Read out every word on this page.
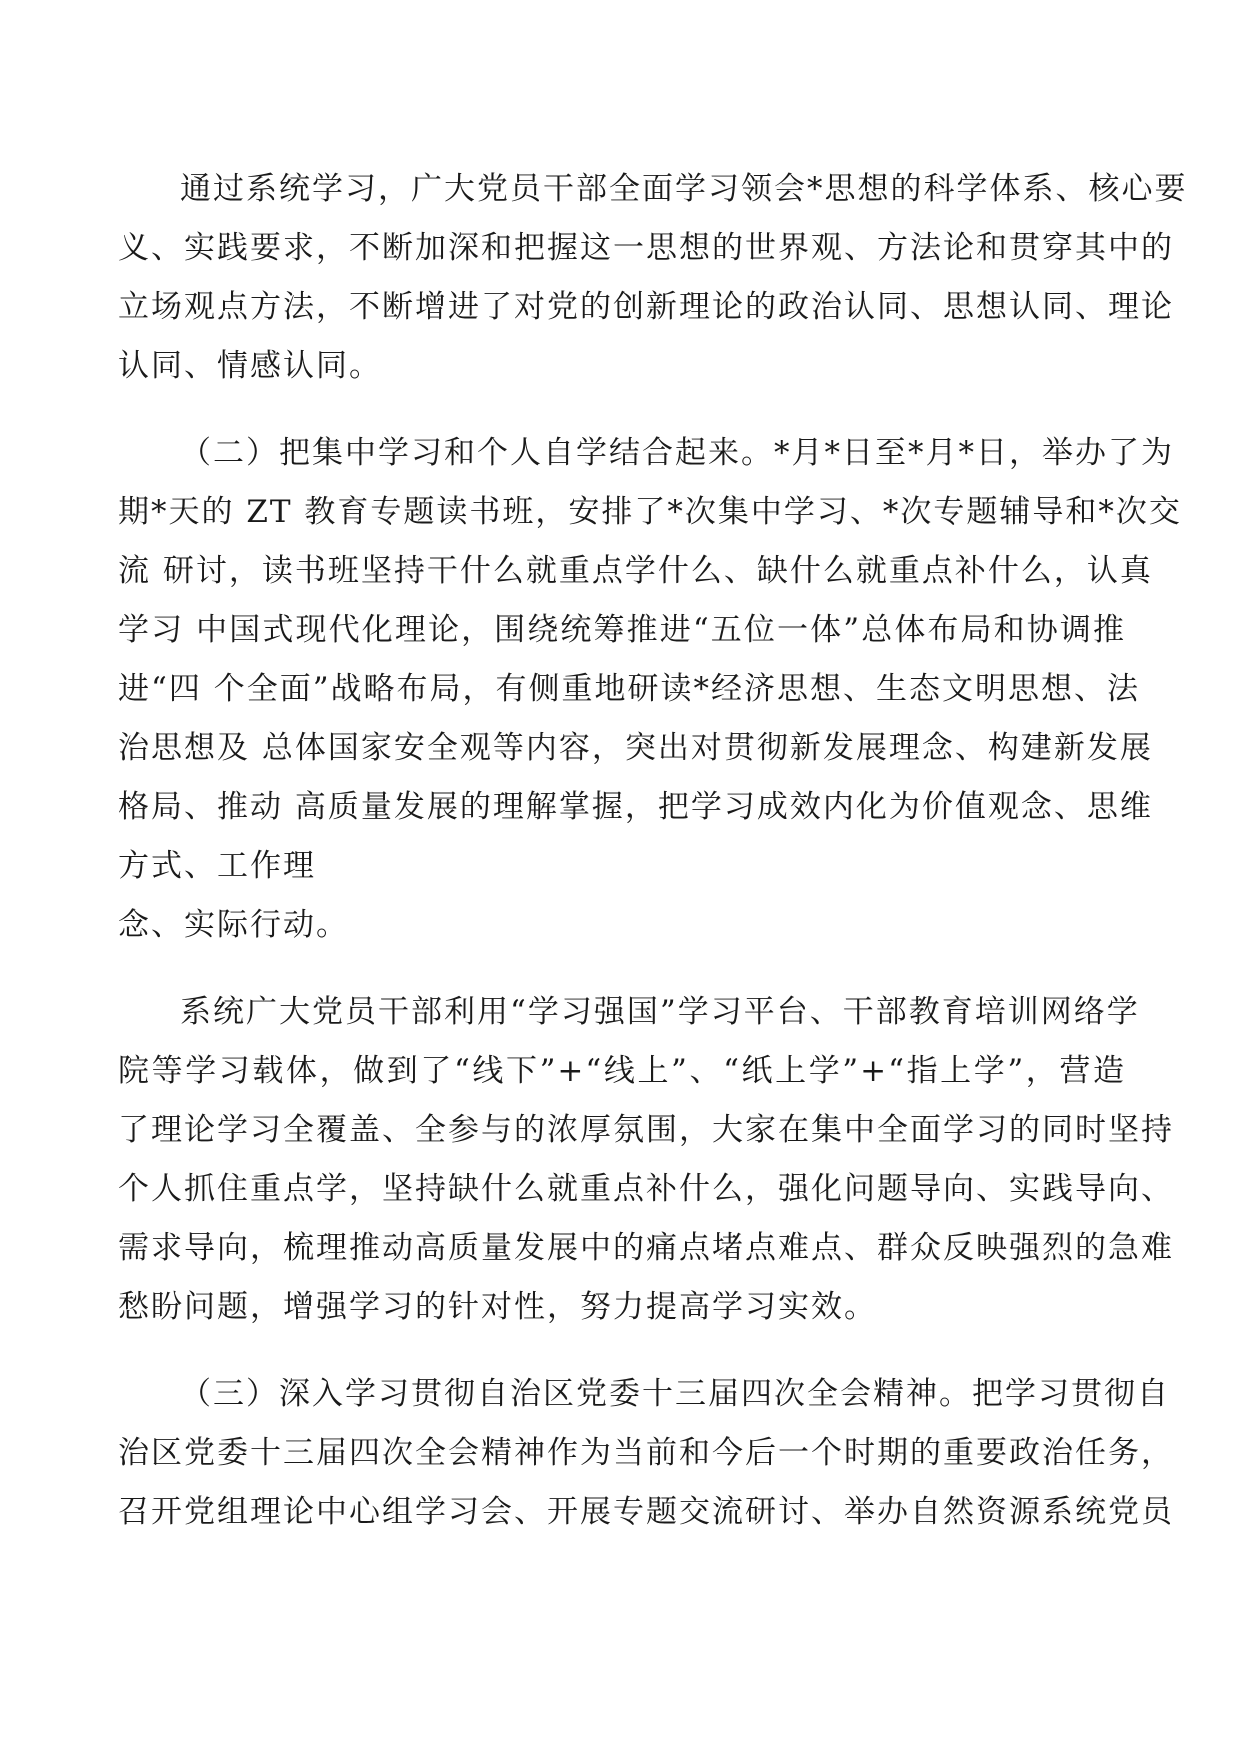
通过系统学习，广大党员干部全面学习领会*思想的科学体系、核心要
义、实践要求，不断加深和把握这一思想的世界观、方法论和贯穿其中的
立场观点方法，不断增进了对党的创新理论的政治认同、思想认同、理论
认同、情感认同。
（二）把集中学习和个人自学结合起来。*月*日至*月*日，举办了为
期*天的 ZT 教育专题读书班，安排了*次集中学习、*次专题辅导和*次交
流 研讨，读书班坚持干什么就重点学什么、缺什么就重点补什么，认真
学习 中国式现代化理论，围绕统筹推进“五位一体”总体布局和协调推
进“四 个全面”战略布局，有侧重地研读*经济思想、生态文明思想、法
治思想及 总体国家安全观等内容，突出对贯彻新发展理念、构建新发展
格局、推动 高质量发展的理解掌握，把学习成效内化为价值观念、思维
方式、工作理
念、实际行动。
系统广大党员干部利用“学习强国”学习平台、干部教育培训网络学
院等学习载体，做到了“线下”+“线上”、“纸上学”+“指上学”，营造
了理论学习全覆盖、全参与的浓厚氛围，大家在集中全面学习的同时坚持
个人抓住重点学，坚持缺什么就重点补什么，强化问题导向、实践导向、
需求导向，梳理推动高质量发展中的痛点堵点难点、群众反映强烈的急难
愁盼问题，增强学习的针对性，努力提高学习实效。
（三）深入学习贯彻自治区党委十三届四次全会精神。把学习贯彻自
治区党委十三届四次全会精神作为当前和今后一个时期的重要政治任务，
召开党组理论中心组学习会、开展专题交流研讨、举办自然资源系统党员
